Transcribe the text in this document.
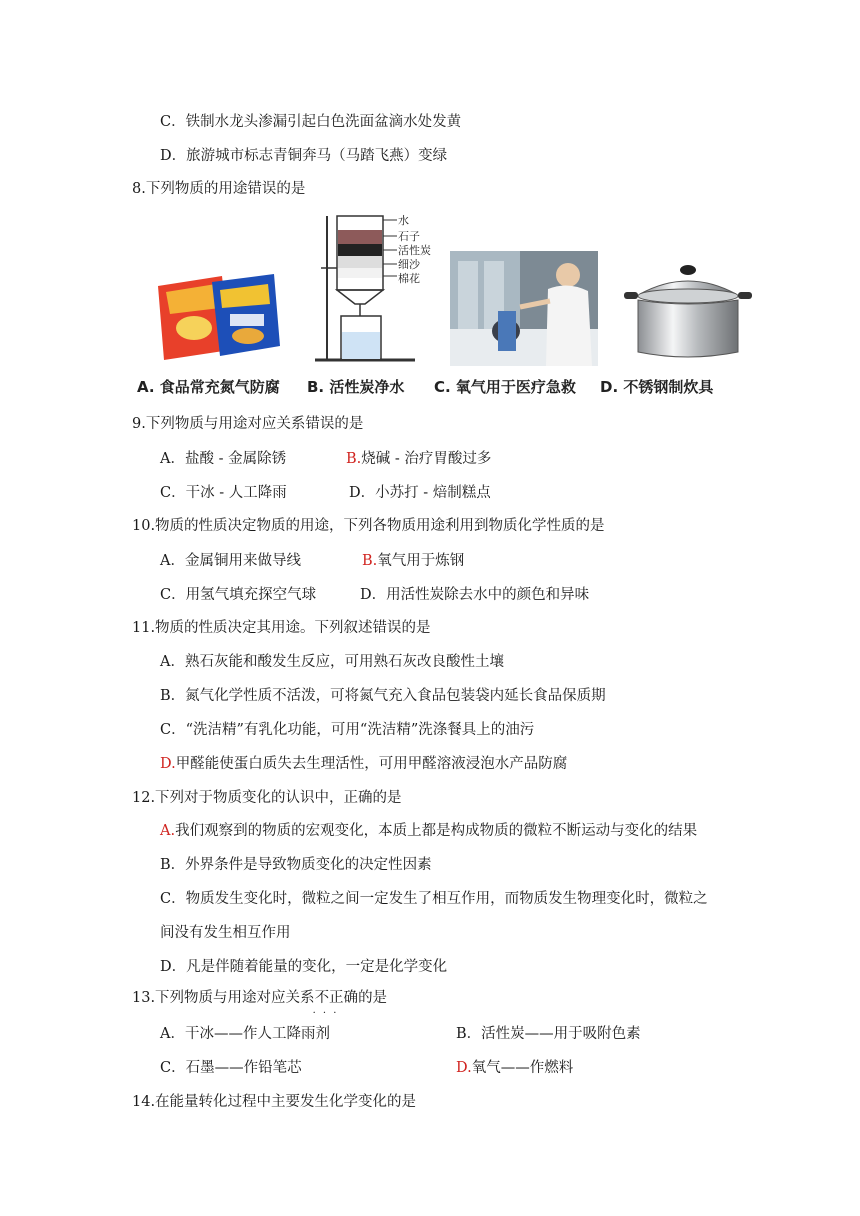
C．铁制水龙头渗漏引起白色洗面盆滴水处发黄
D．旅游城市标志青铜奔马（马踏飞燕）变绿
8.下列物质的用途错误的是
水
石子
活性炭
细沙
棉花
A. 食品常充氮气防腐 B. 活性炭净水 C. 氧气用于医疗急救 D. 不锈钢制炊具
9.下列物质与用途对应关系错误的是
A．盐酸 - 金属除锈	B.烧碱 - 治疗胃酸过多
C．干冰 - 人工降雨	D．小苏打 - 焙制糕点
10.物质的性质决定物质的用途，下列各物质用途利用到物质化学性质的是
A．金属铜用来做导线	B.氧气用于炼钢
C．用氢气填充探空气球	D．用活性炭除去水中的颜色和异味
11.物质的性质决定其用途。下列叙述错误的是
A．熟石灰能和酸发生反应，可用熟石灰改良酸性土壤
B．氮气化学性质不活泼，可将氮气充入食品包装袋内延长食品保质期
C．“洗洁精”有乳化功能，可用“洗洁精”洗涤餐具上的油污
D.甲醛能使蛋白质失去生理活性，可用甲醛溶液浸泡水产品防腐
12.下列对于物质变化的认识中，正确的是
A.我们观察到的物质的宏观变化，本质上都是构成物质的微粒不断运动与变化的结果
B．外界条件是导致物质变化的决定性因素
C．物质发生变化时，微粒之间一定发生了相互作用，而物质发生物理变化时，微粒之
间没有发生相互作用
D．凡是伴随着能量的变化，一定是化学变化
13.下列物质与用途对应关系不正确 · · ·的是
A．干冰——作人工降雨剂	B．活性炭——用于吸附色素
C．石墨——作铅笔芯	D.氧气——作燃料
14.在能量转化过程中主要发生化学变化的是
